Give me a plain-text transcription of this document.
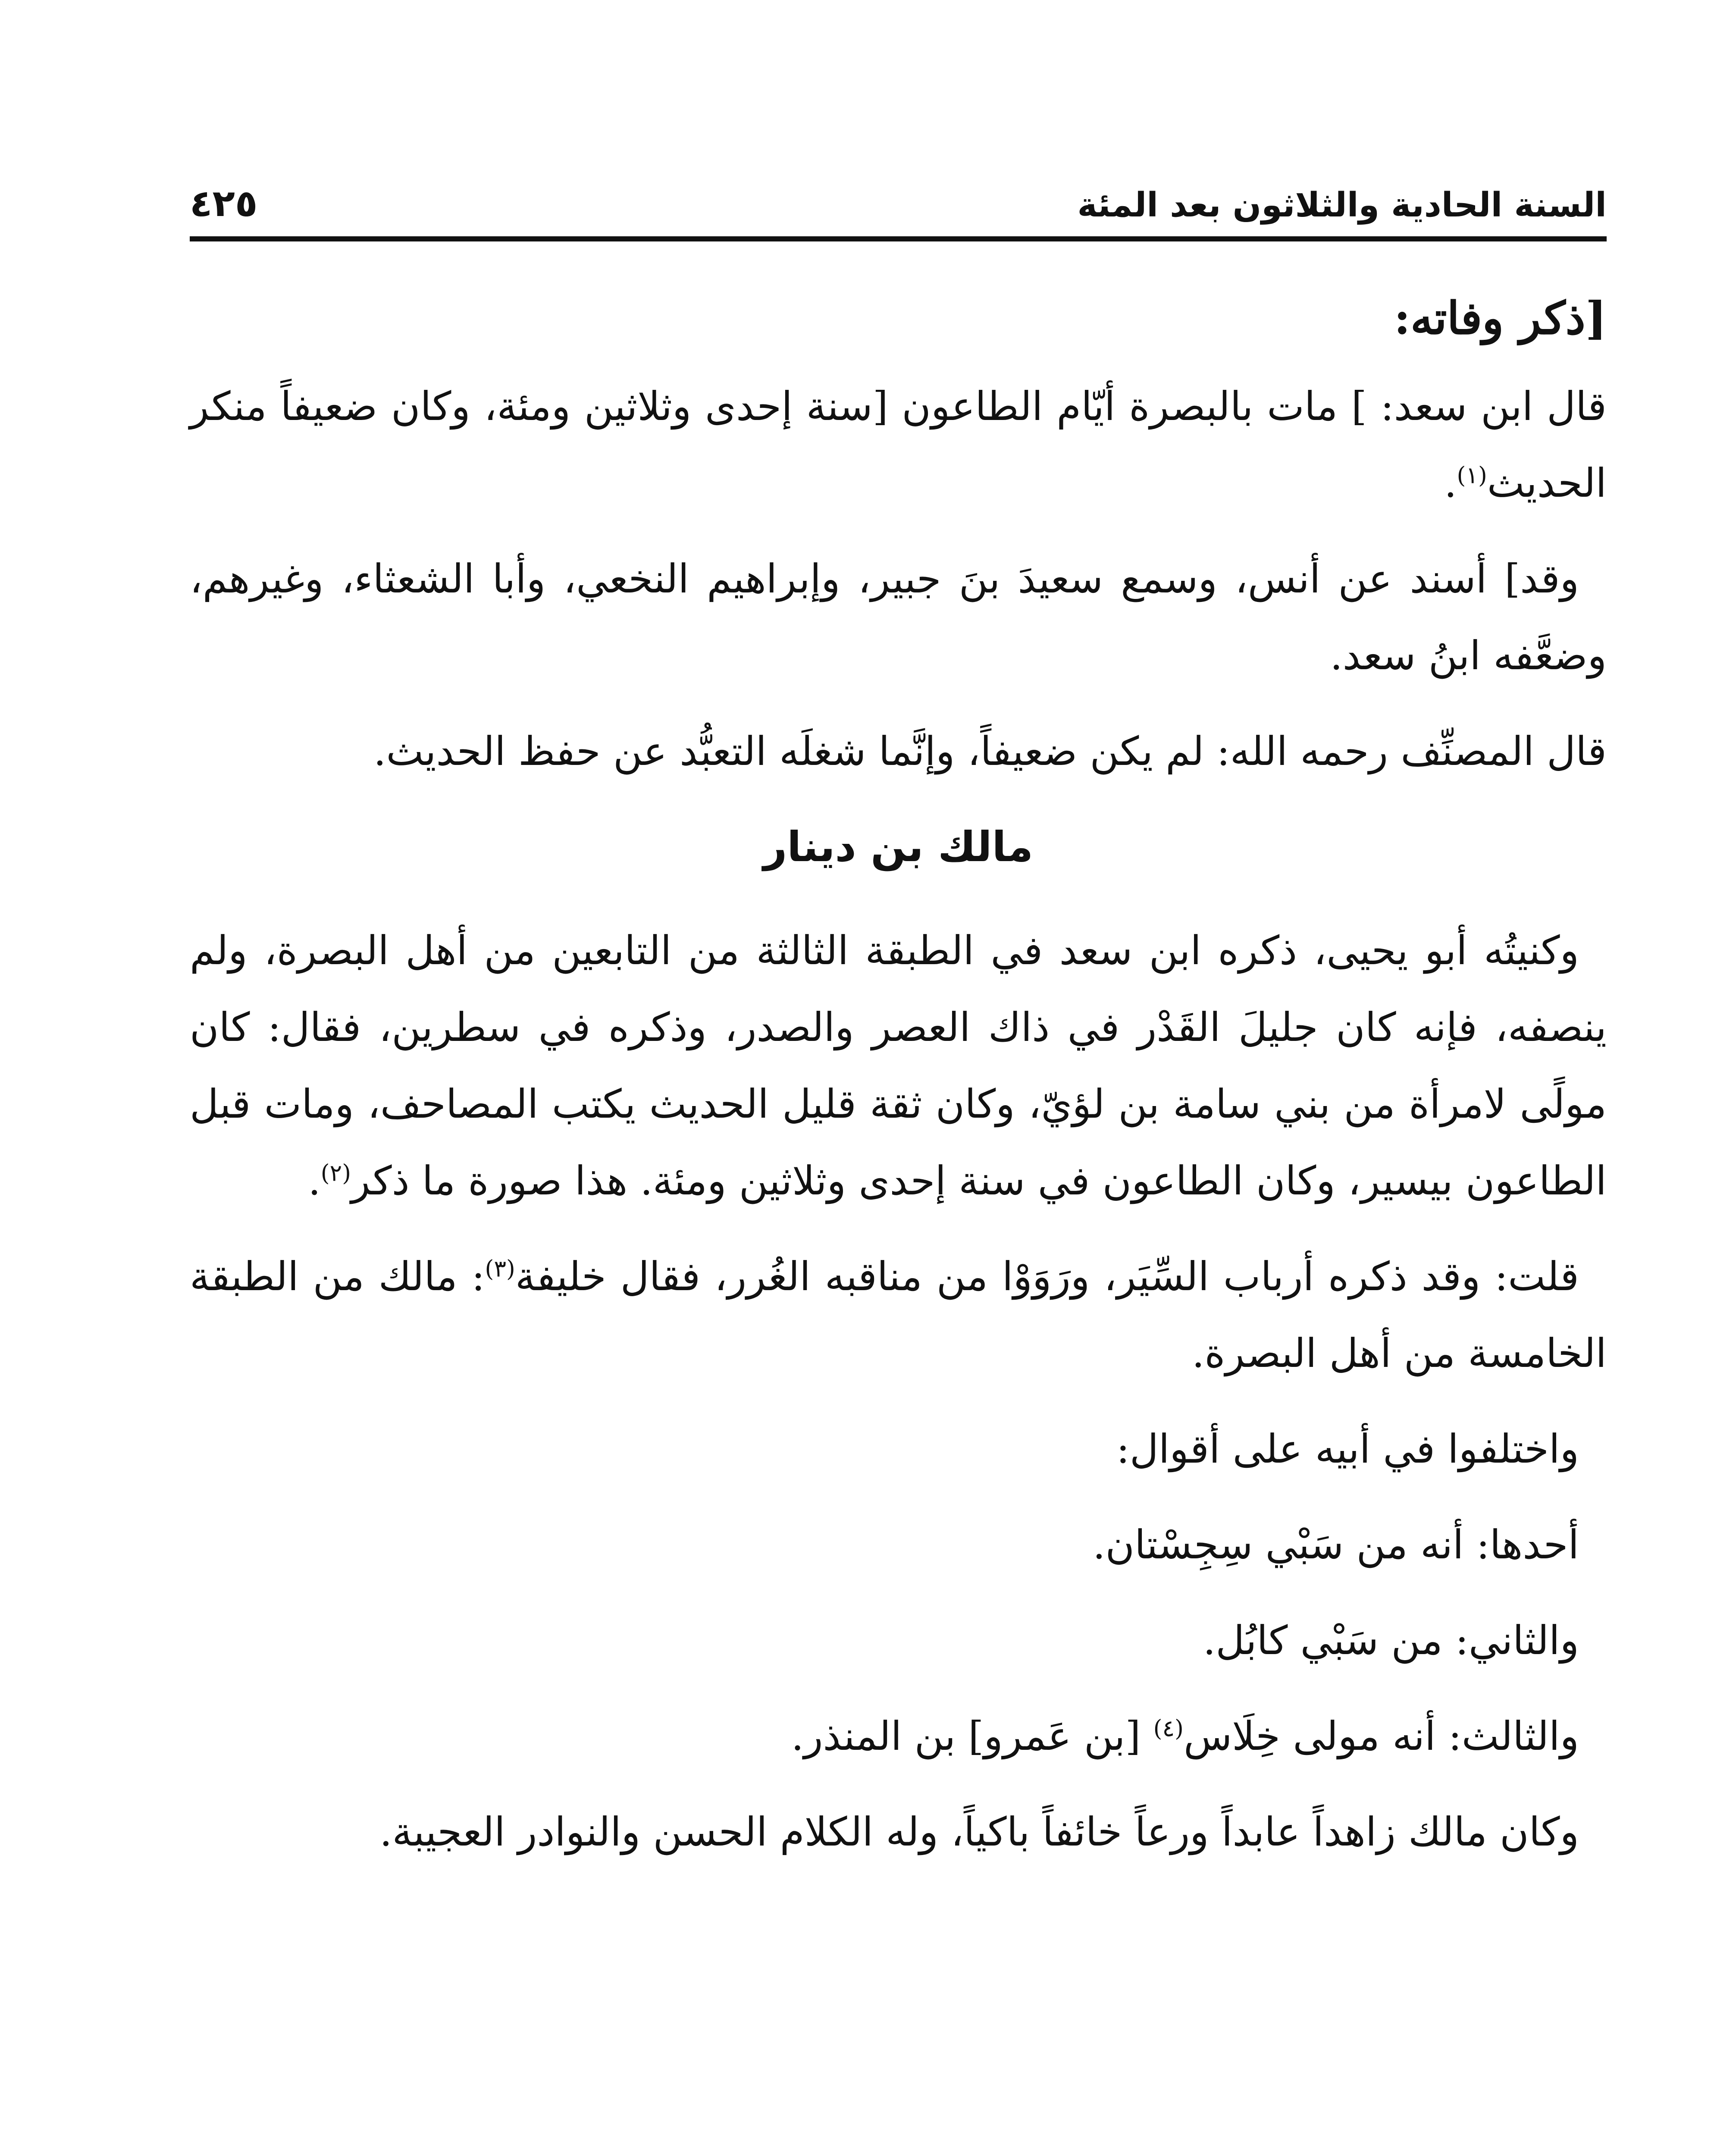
السنة الحادية والثلاثون بعد المئة
٤٢٥
[ذكر وفاته:

قال ابن سعد: ] مات بالبصرة أيّام الطاعون [سنة إحدى وثلاثين ومئة، وكان ضعيفاً منكر الحديث$^{(١)}$.

وقد] أسند عن أنس، وسمع سعيدَ بنَ جبير، وإبراهيم النخعي، وأبا الشعثاء، وغيرهم، وضعَّفه ابنُ سعد.

قال المصنِّف رحمه الله: لم يكن ضعيفاً، وإنَّما شغلَه التعبُّد عن حفظ الحديث.

مالك بن دينار

وكنيتُه أبو يحيى، ذكره ابن سعد في الطبقة الثالثة من التابعين من أهل البصرة، ولم ينصفه، فإنه كان جليلَ القَدْر في ذاك العصر والصدر، وذكره في سطرين، فقال: كان مولًى لامرأة من بني سامة بن لؤيّ، وكان ثقة قليل الحديث يكتب المصاحف، ومات قبل الطاعون بيسير، وكان الطاعون في سنة إحدى وثلاثين ومئة. هذا صورة ما ذكر$^{(٢)}$.

قلت: وقد ذكره أرباب السِّيَر، ورَوَوْا من مناقبه الغُرر، فقال خليفة$^{(٣)}$: مالك من الطبقة الخامسة من أهل البصرة.

واختلفوا في أبيه على أقوال:

أحدها: أنه من سَبْي سِجِسْتان.

والثاني: من سَبْي كابُل.

والثالث: أنه مولى خِلَاس$^{(٤)}$ [بن عَمرو] بن المنذر.

وكان مالك زاهداً عابداً ورعاً خائفاً باكياً، وله الكلام الحسن والنوادر العجيبة.
